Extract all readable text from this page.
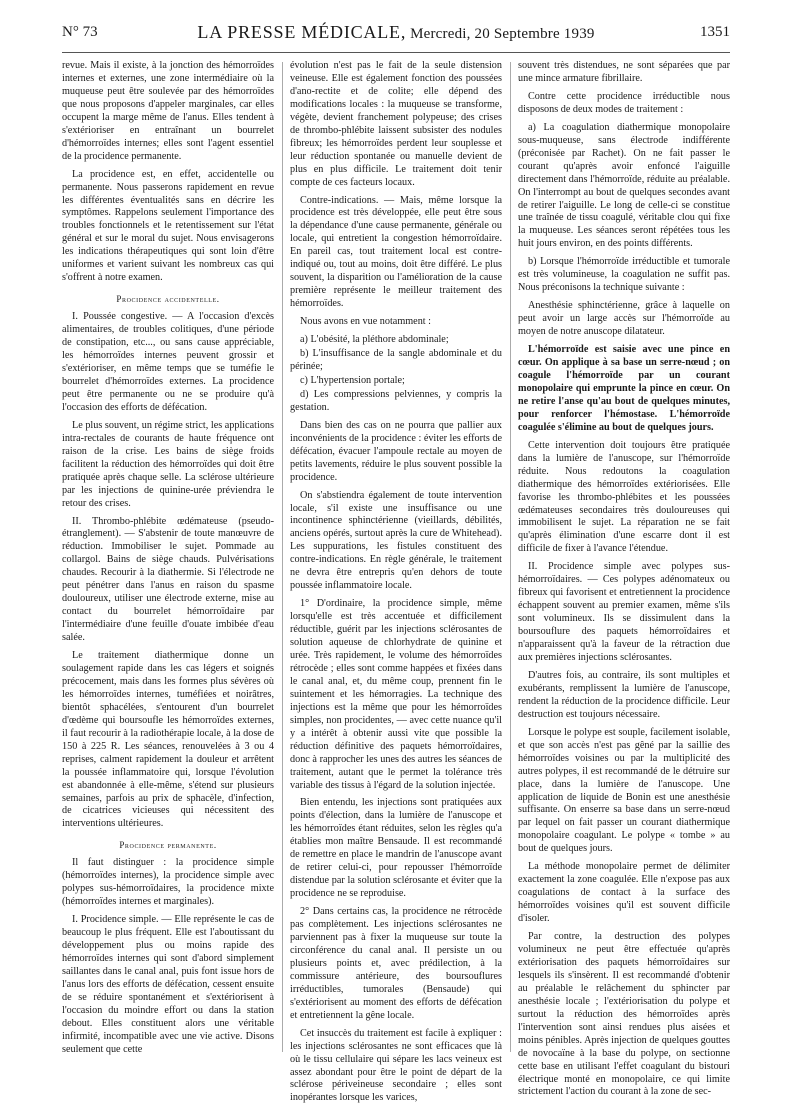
N° 73	LA PRESSE MÉDICALE, Mercredi, 20 Septembre 1939	1351

revue. Mais il existe, à la jonction des hémorroïdes internes et externes, une zone intermédiaire où la muqueuse peut être soulevée par des hémorroïdes que nous proposons d'appeler marginales, car elles occupent la marge même de l'anus. Elles tendent à s'extérioriser en entraînant un bourrelet d'hémorroïdes internes; elles sont l'agent essentiel de la procidence permanente.

La procidence est, en effet, accidentelle ou permanente. Nous passerons rapidement en revue les différentes éventualités sans en décrire les symptômes. Rappelons seulement l'importance des troubles fonctionnels et le retentissement sur l'état général et sur le moral du sujet. Nous envisagerons les indications thérapeutiques qui sont loin d'être uniformes et varient suivant les nombreux cas qui s'offrent à notre examen.

Procidence accidentelle.

I. Poussée congestive. — A l'occasion d'excès alimentaires, de troubles colitiques, d'une période de constipation, etc..., ou sans cause appréciable, les hémorroïdes internes peuvent grossir et s'extérioriser, en même temps que se tuméfie le bourrelet d'hémorroïdes externes. La procidence peut être permanente ou ne se produire qu'à l'occasion des efforts de défécation.

Le plus souvent, un régime strict, les applications intra-rectales de courants de haute fréquence ont raison de la crise. Les bains de siège froids facilitent la réduction des hémorroïdes qui doit être pratiquée après chaque selle. La sclérose ultérieure par les injections de quinine-urée préviendra le retour des crises.

II. Thrombo-phlébite œdémateuse (pseudo-étranglement). — S'abstenir de toute manœuvre de réduction. Immobiliser le sujet. Pommade au collargol. Bains de siège chauds. Pulvérisations chaudes. Recourir à la diathermie. Si l'électrode ne peut pénétrer dans l'anus en raison du spasme douloureux, utiliser une électrode externe, mise au contact du bourrelet hémorroïdaire par l'intermédiaire d'une feuille d'ouate imbibée d'eau salée.

Le traitement diathermique donne un soulagement rapide dans les cas légers et soignés précocement, mais dans les formes plus sévères où les hémorroïdes internes, tuméfiées et noirâtres, bientôt sphacélées, s'entourent d'un bourrelet d'œdème qui boursoufle les hémorroïdes externes, il faut recourir à la radiothérapie locale, à la dose de 150 à 225 R. Les séances, renouvelées à 3 ou 4 reprises, calment rapidement la douleur et arrêtent la poussée inflammatoire qui, lorsque l'évolution est abandonnée à elle-même, s'étend sur plusieurs semaines, parfois au prix de sphacèle, d'infection, de cicatrices vicieuses qui nécessitent des interventions ultérieures.

Procidence permanente.

Il faut distinguer : la procidence simple (hémorroïdes internes), la procidence simple avec polypes sus-hémorroïdaires, la procidence mixte (hémorroïdes internes et marginales).

I. Procidence simple. — Elle représente le cas de beaucoup le plus fréquent. Elle est l'aboutissant du développement plus ou moins rapide des hémorroïdes internes qui sont d'abord simplement saillantes dans le canal anal, puis font issue hors de l'anus lors des efforts de défécation, cessent ensuite de se réduire spontanément et s'extériorisent à l'occasion du moindre effort ou dans la station debout. Elles constituent alors une véritable infirmité, incompatible avec une vie active. Disons seulement que cette

évolution n'est pas le fait de la seule distension veineuse. Elle est également fonction des poussées d'ano-rectite et de colite; elle dépend des modifications locales : la muqueuse se transforme, végète, devient franchement polypeuse; des crises de thrombo-phlébite laissent subsister des nodules fibreux; les hémorroïdes perdent leur souplesse et leur réduction spontanée ou manuelle devient de plus en plus difficile. Le traitement doit tenir compte de ces facteurs locaux.

Contre-indications. — Mais, même lorsque la procidence est très développée, elle peut être sous la dépendance d'une cause permanente, générale ou locale, qui entretient la congestion hémorroïdaire. En pareil cas, tout traitement local est contre-indiqué ou, tout au moins, doit être différé. Le plus souvent, la disparition ou l'amélioration de la cause première représente le meilleur traitement des hémorroïdes.

Nous avons en vue notamment :

a) L'obésité, la pléthore abdominale;

b) L'insuffisance de la sangle abdominale et du périnée;

c) L'hypertension portale;

d) Les compressions pelviennes, y compris la gestation.

Dans bien des cas on ne pourra que pallier aux inconvénients de la procidence : éviter les efforts de défécation, évacuer l'ampoule rectale au moyen de petits lavements, réduire le plus souvent possible la procidence.

On s'abstiendra également de toute intervention locale, s'il existe une insuffisance ou une incontinence sphinctérienne (vieillards, débilités, anciens opérés, surtout après la cure de Whitehead). Les suppurations, les fistules constituent des contre-indications. En règle générale, le traitement ne devra être entrepris qu'en dehors de toute poussée inflammatoire locale.

1° D'ordinaire, la procidence simple, même lorsqu'elle est très accentuée et difficilement réductible, guérit par les injections sclérosantes de solution aqueuse de chlorhydrate de quinine et urée. Très rapidement, le volume des hémorroïdes rétrocède ; elles sont comme happées et fixées dans le canal anal, et, du même coup, prennent fin le suintement et les hémorragies. La technique des injections est la même que pour les hémorroïdes simples, non procidentes, — avec cette nuance qu'il y a intérêt à obtenir aussi vite que possible la réduction définitive des paquets hémorroïdaires, donc à rapprocher les unes des autres les séances de traitement, autant que le permet la tolérance très variable des tissus à l'égard de la solution injectée.

Bien entendu, les injections sont pratiquées aux points d'élection, dans la lumière de l'anuscope et les hémorroïdes étant réduites, selon les règles qu'a établies mon maître Bensaude. Il est recommandé de remettre en place le mandrin de l'anuscope avant de retirer celui-ci, pour repousser l'hémorroïde distendue par la solution sclérosante et éviter que la procidence ne se reproduise.

2° Dans certains cas, la procidence ne rétrocède pas complètement. Les injections sclérosantes ne parviennent pas à fixer la muqueuse sur toute la circonférence du canal anal. Il persiste un ou plusieurs points et, avec prédilection, à la commissure antérieure, des boursouflures irréductibles, tumorales (Bensaude) qui s'extériorisent au moment des efforts de défécation et entretiennent la gêne locale.

Cet insuccès du traitement est facile à expliquer : les injections sclérosantes ne sont efficaces que là où le tissu cellulaire qui sépare les lacs veineux est assez abondant pour être le point de départ de la sclérose périveineuse secondaire ; elles sont inopérantes lorsque les varices,

souvent très distendues, ne sont séparées que par une mince armature fibrillaire.

Contre cette procidence irréductible nous disposons de deux modes de traitement :

a) La coagulation diathermique monopolaire sous-muqueuse, sans électrode indifférente (préconisée par Rachet). On ne fait passer le courant qu'après avoir enfoncé l'aiguille directement dans l'hémorroïde, réduite au préalable. On l'interrompt au bout de quelques secondes avant de retirer l'aiguille. Le long de celle-ci se constitue une traînée de tissu coagulé, véritable clou qui fixe la muqueuse. Les séances seront répétées tous les huit jours environ, en des points différents.

b) Lorsque l'hémorroïde irréductible et tumorale est très volumineuse, la coagulation ne suffit pas. Nous préconisons la technique suivante :

Anesthésie sphinctérienne, grâce à laquelle on peut avoir un large accès sur l'hémorroïde au moyen de notre anuscope dilatateur.

L'hémorroïde est saisie avec une pince en cœur. On applique à sa base un serre-nœud ; on coagule l'hémorroïde par un courant monopolaire qui emprunte la pince en cœur. On ne retire l'anse qu'au bout de quelques minutes, pour renforcer l'hémostase. L'hémorroïde coagulée s'élimine au bout de quelques jours.

Cette intervention doit toujours être pratiquée dans la lumière de l'anuscope, sur l'hémorroïde réduite. Nous redoutons la coagulation diathermique des hémorroïdes extériorisées. Elle favorise les thrombo-phlébites et les poussées œdémateuses secondaires très douloureuses qui immobilisent le sujet. La réparation ne se fait qu'après élimination d'une escarre dont il est difficile de fixer à l'avance l'étendue.

II. Procidence simple avec polypes sus-hémorroïdaires. — Ces polypes adénomateux ou fibreux qui favorisent et entretiennent la procidence échappent souvent au premier examen, même s'ils sont volumineux. Ils se dissimulent dans la boursouflure des paquets hémorroïdaires et n'apparaissent qu'à la faveur de la rétraction due aux premières injections sclérosantes.

D'autres fois, au contraire, ils sont multiples et exubérants, remplissent la lumière de l'anuscope, rendent la réduction de la procidence difficile. Leur destruction est toujours nécessaire.

Lorsque le polype est souple, facilement isolable, et que son accès n'est pas gêné par la saillie des hémorroïdes voisines ou par la multiplicité des autres polypes, il est recommandé de le détruire sur place, dans la lumière de l'anuscope. Une application de liquide de Bonin est une anesthésie suffisante. On enserre sa base dans un serre-nœud par lequel on fait passer un courant diathermique monopolaire coagulant. Le polype « tombe » au bout de quelques jours.

La méthode monopolaire permet de délimiter exactement la zone coagulée. Elle n'expose pas aux coagulations de contact à la surface des hémorroïdes voisines qu'il est souvent difficile d'isoler.

Par contre, la destruction des polypes volumineux ne peut être effectuée qu'après extériorisation des paquets hémorroïdaires sur lesquels ils s'insèrent. Il est recommandé d'obtenir au préalable le relâchement du sphincter par anesthésie locale ; l'extériorisation du polype et surtout la réduction des hémorroïdes après l'intervention sont ainsi rendues plus aisées et moins pénibles. Après injection de quelques gouttes de novocaïne à la base du polype, on sectionne cette base en utilisant l'effet coagulant du bistouri électrique monté en monopolaire, ce qui limite strictement l'action du courant à la zone de sec-
